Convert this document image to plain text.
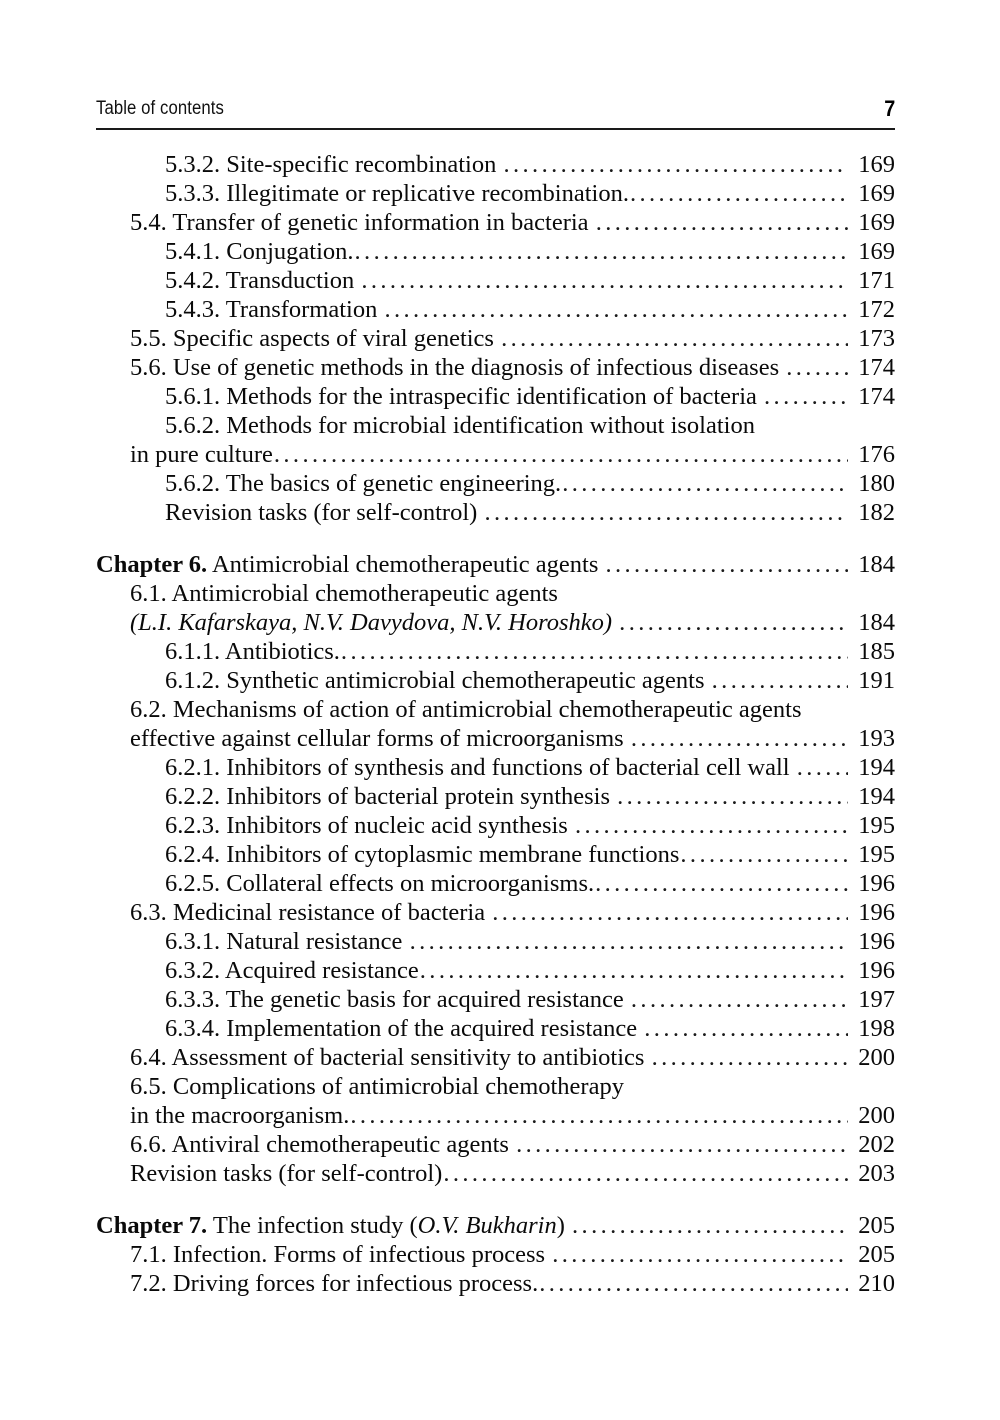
Table of contents	7
5.3.2. Site-specific recombination .....	169
5.3.3. Illegitimate or replicative recombination. .....	169
5.4. Transfer of genetic information in bacteria .....	169
5.4.1. Conjugation. .....	169
5.4.2. Transduction .....	171
5.4.3. Transformation .....	172
5.5. Specific aspects of viral genetics .....	173
5.6. Use of genetic methods in the diagnosis of infectious diseases .....	174
5.6.1. Methods for the intraspecific identification of bacteria .....	174
5.6.2. Methods for microbial identification without isolation
in pure culture .....	176
5.6.2. The basics of genetic engineering. .....	180
Revision tasks (for self-control) .....	182
Chapter 6. Antimicrobial chemotherapeutic agents .....	184
6.1. Antimicrobial chemotherapeutic agents
(L.I. Kafarskaya, N.V. Davydova, N.V. Horoshko) .....	184
6.1.1. Antibiotics. .....	185
6.1.2. Synthetic antimicrobial chemotherapeutic agents .....	191
6.2. Mechanisms of action of antimicrobial chemotherapeutic agents
effective against cellular forms of microorganisms .....	193
6.2.1. Inhibitors of synthesis and functions of bacterial cell wall .....	194
6.2.2. Inhibitors of bacterial protein synthesis .....	194
6.2.3. Inhibitors of nucleic acid synthesis .....	195
6.2.4. Inhibitors of cytoplasmic membrane functions .....	195
6.2.5. Collateral effects on microorganisms. .....	196
6.3. Medicinal resistance of bacteria .....	196
6.3.1. Natural resistance .....	196
6.3.2. Acquired resistance .....	196
6.3.3. The genetic basis for acquired resistance .....	197
6.3.4. Implementation of the acquired resistance .....	198
6.4. Assessment of bacterial sensitivity to antibiotics .....	200
6.5. Complications of antimicrobial chemotherapy
in the macroorganism. .....	200
6.6. Antiviral chemotherapeutic agents .....	202
Revision tasks (for self-control) .....	203
Chapter 7. The infection study (O.V. Bukharin) .....	205
7.1. Infection. Forms of infectious process .....	205
7.2. Driving forces for infectious process. .....	210
